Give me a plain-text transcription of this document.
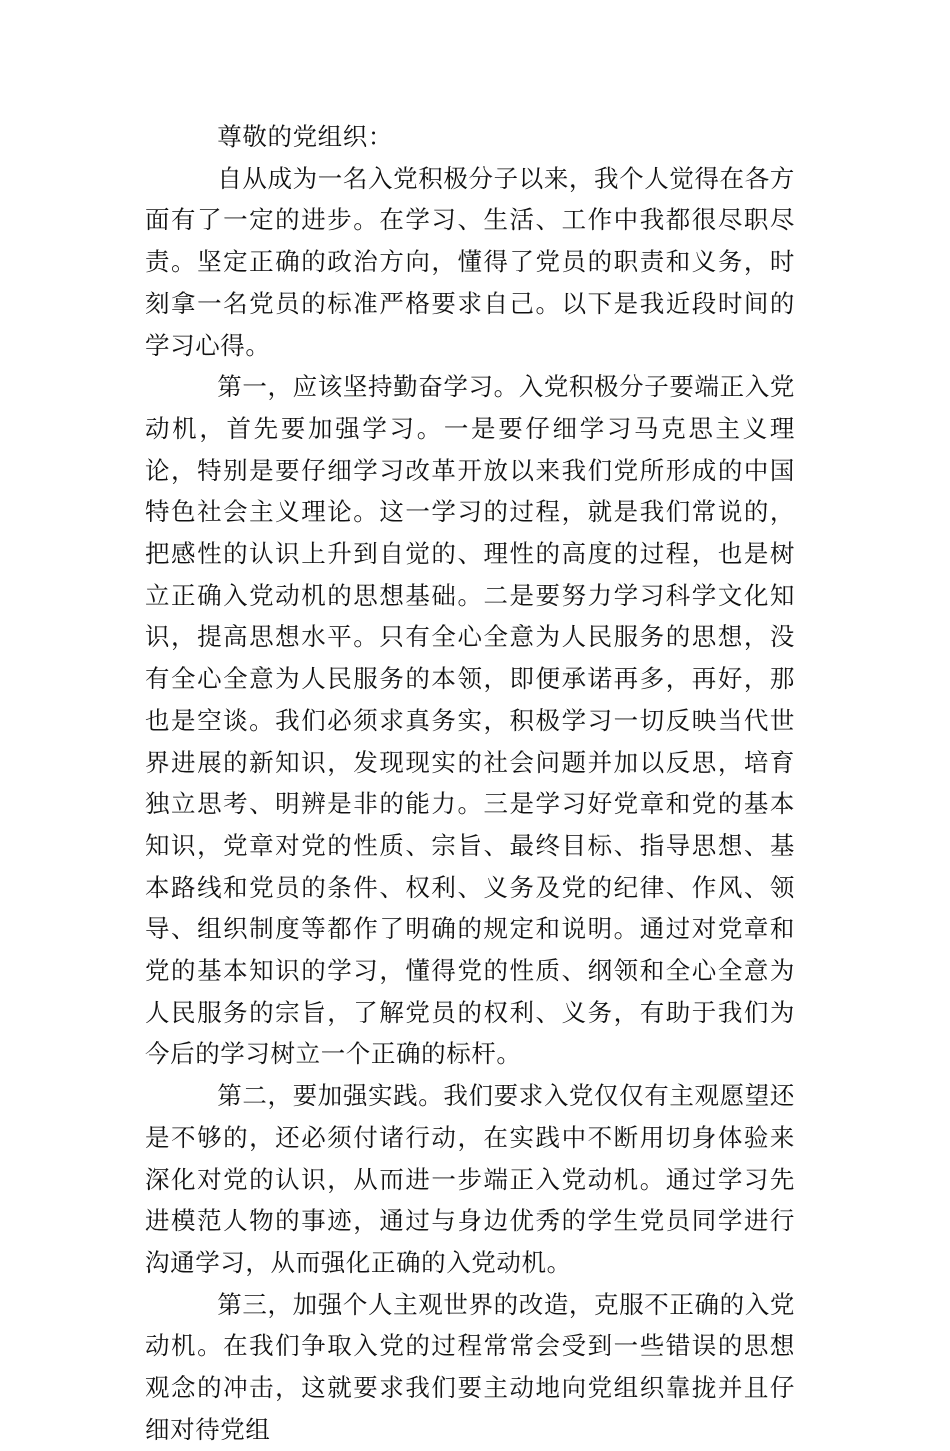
尊敬的党组织：

自从成为一名入党积极分子以来，我个人觉得在各方面有了一定的进步。在学习、生活、工作中我都很尽职尽责。坚定正确的政治方向，懂得了党员的职责和义务，时刻拿一名党员的标准严格要求自己。以下是我近段时间的学习心得。

第一，应该坚持勤奋学习。入党积极分子要端正入党动机，首先要加强学习。一是要仔细学习马克思主义理论，特别是要仔细学习改革开放以来我们党所形成的中国特色社会主义理论。这一学习的过程，就是我们常说的，把感性的认识上升到自觉的、理性的高度的过程，也是树立正确入党动机的思想基础。二是要努力学习科学文化知识，提高思想水平。只有全心全意为人民服务的思想，没有全心全意为人民服务的本领，即便承诺再多，再好，那也是空谈。我们必须求真务实，积极学习一切反映当代世界进展的新知识，发现现实的社会问题并加以反思，培育独立思考、明辨是非的能力。三是学习好党章和党的基本知识，党章对党的性质、宗旨、最终目标、指导思想、基本路线和党员的条件、权利、义务及党的纪律、作风、领导、组织制度等都作了明确的规定和说明。通过对党章和党的基本知识的学习，懂得党的性质、纲领和全心全意为人民服务的宗旨，了解党员的权利、义务，有助于我们为今后的学习树立一个正确的标杆。

第二，要加强实践。我们要求入党仅仅有主观愿望还是不够的，还必须付诸行动，在实践中不断用切身体验来深化对党的认识，从而进一步端正入党动机。通过学习先进模范人物的事迹，通过与身边优秀的学生党员同学进行沟通学习，从而强化正确的入党动机。

第三，加强个人主观世界的改造，克服不正确的入党动机。在我们争取入党的过程常常会受到一些错误的思想观念的冲击，这就要求我们要主动地向党组织靠拢并且仔细对待党组
